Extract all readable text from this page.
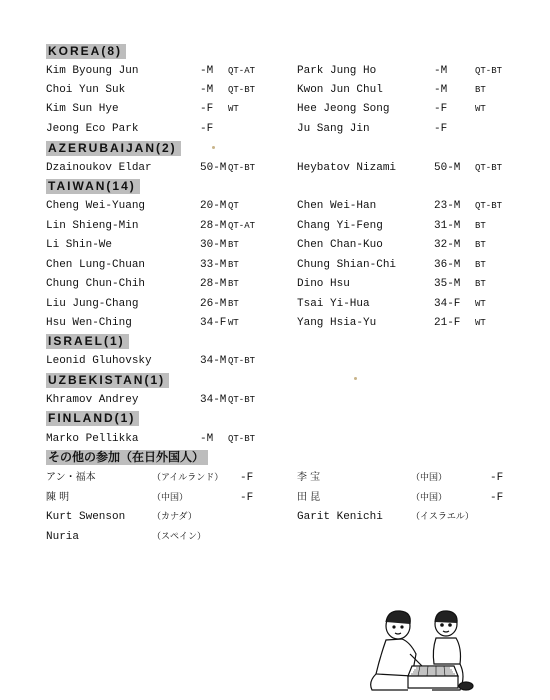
KOREA(8)
Kim Byoung Jun	-M QT-AT	Park Jung Ho	-M	QT-BT
Choi Yun Suk	-M QT-BT	Kwon Jun Chul	-M	BT
Kim Sun Hye	-F WT	Hee Jeong Song	-F	WT
Jeong Eco Park	-F	Ju Sang Jin	-F
AZERUBAIJAN(2)
Dzainoukov Eldar	50-M QT-BT	Heybatov Nizami	50-M QT-BT
TAIWAN(14)
Cheng Wei-Yuang	20-M QT	Chen Wei-Han	23-M QT-BT
Lin Shieng-Min	28-M QT-AT	Chang Yi-Feng	31-M BT
Li Shin-We	30-M BT	Chen Chan-Kuo	32-M BT
Chen Lung-Chuan	33-M BT	Chung Shian-Chi	36-M BT
Chung Chun-Chih	28-M BT	Dino Hsu	35-M BT
Liu Jung-Chang	26-M BT	Tsai Yi-Hua	34-F WT
Hsu Wen-Ching	34-F WT	Yang Hsia-Yu	21-F WT
ISRAEL(1)
Leonid Gluhovsky	34-M QT-BT
UZBEKISTAN(1)
Khramov Andrey	34-M QT-BT
FINLAND(1)
Marko Pellikka	-M QT-BT
その他の参加（在日外国人）
アン・福本	（アイルランド） -F	李 宝	（中国）	-F
陳 明	（中国）	-F	田 昆	（中国）	-F
Kurt Swenson	（カナダ）	Garit Kenichi	（イスラエル）
Nuria	（スペイン）
